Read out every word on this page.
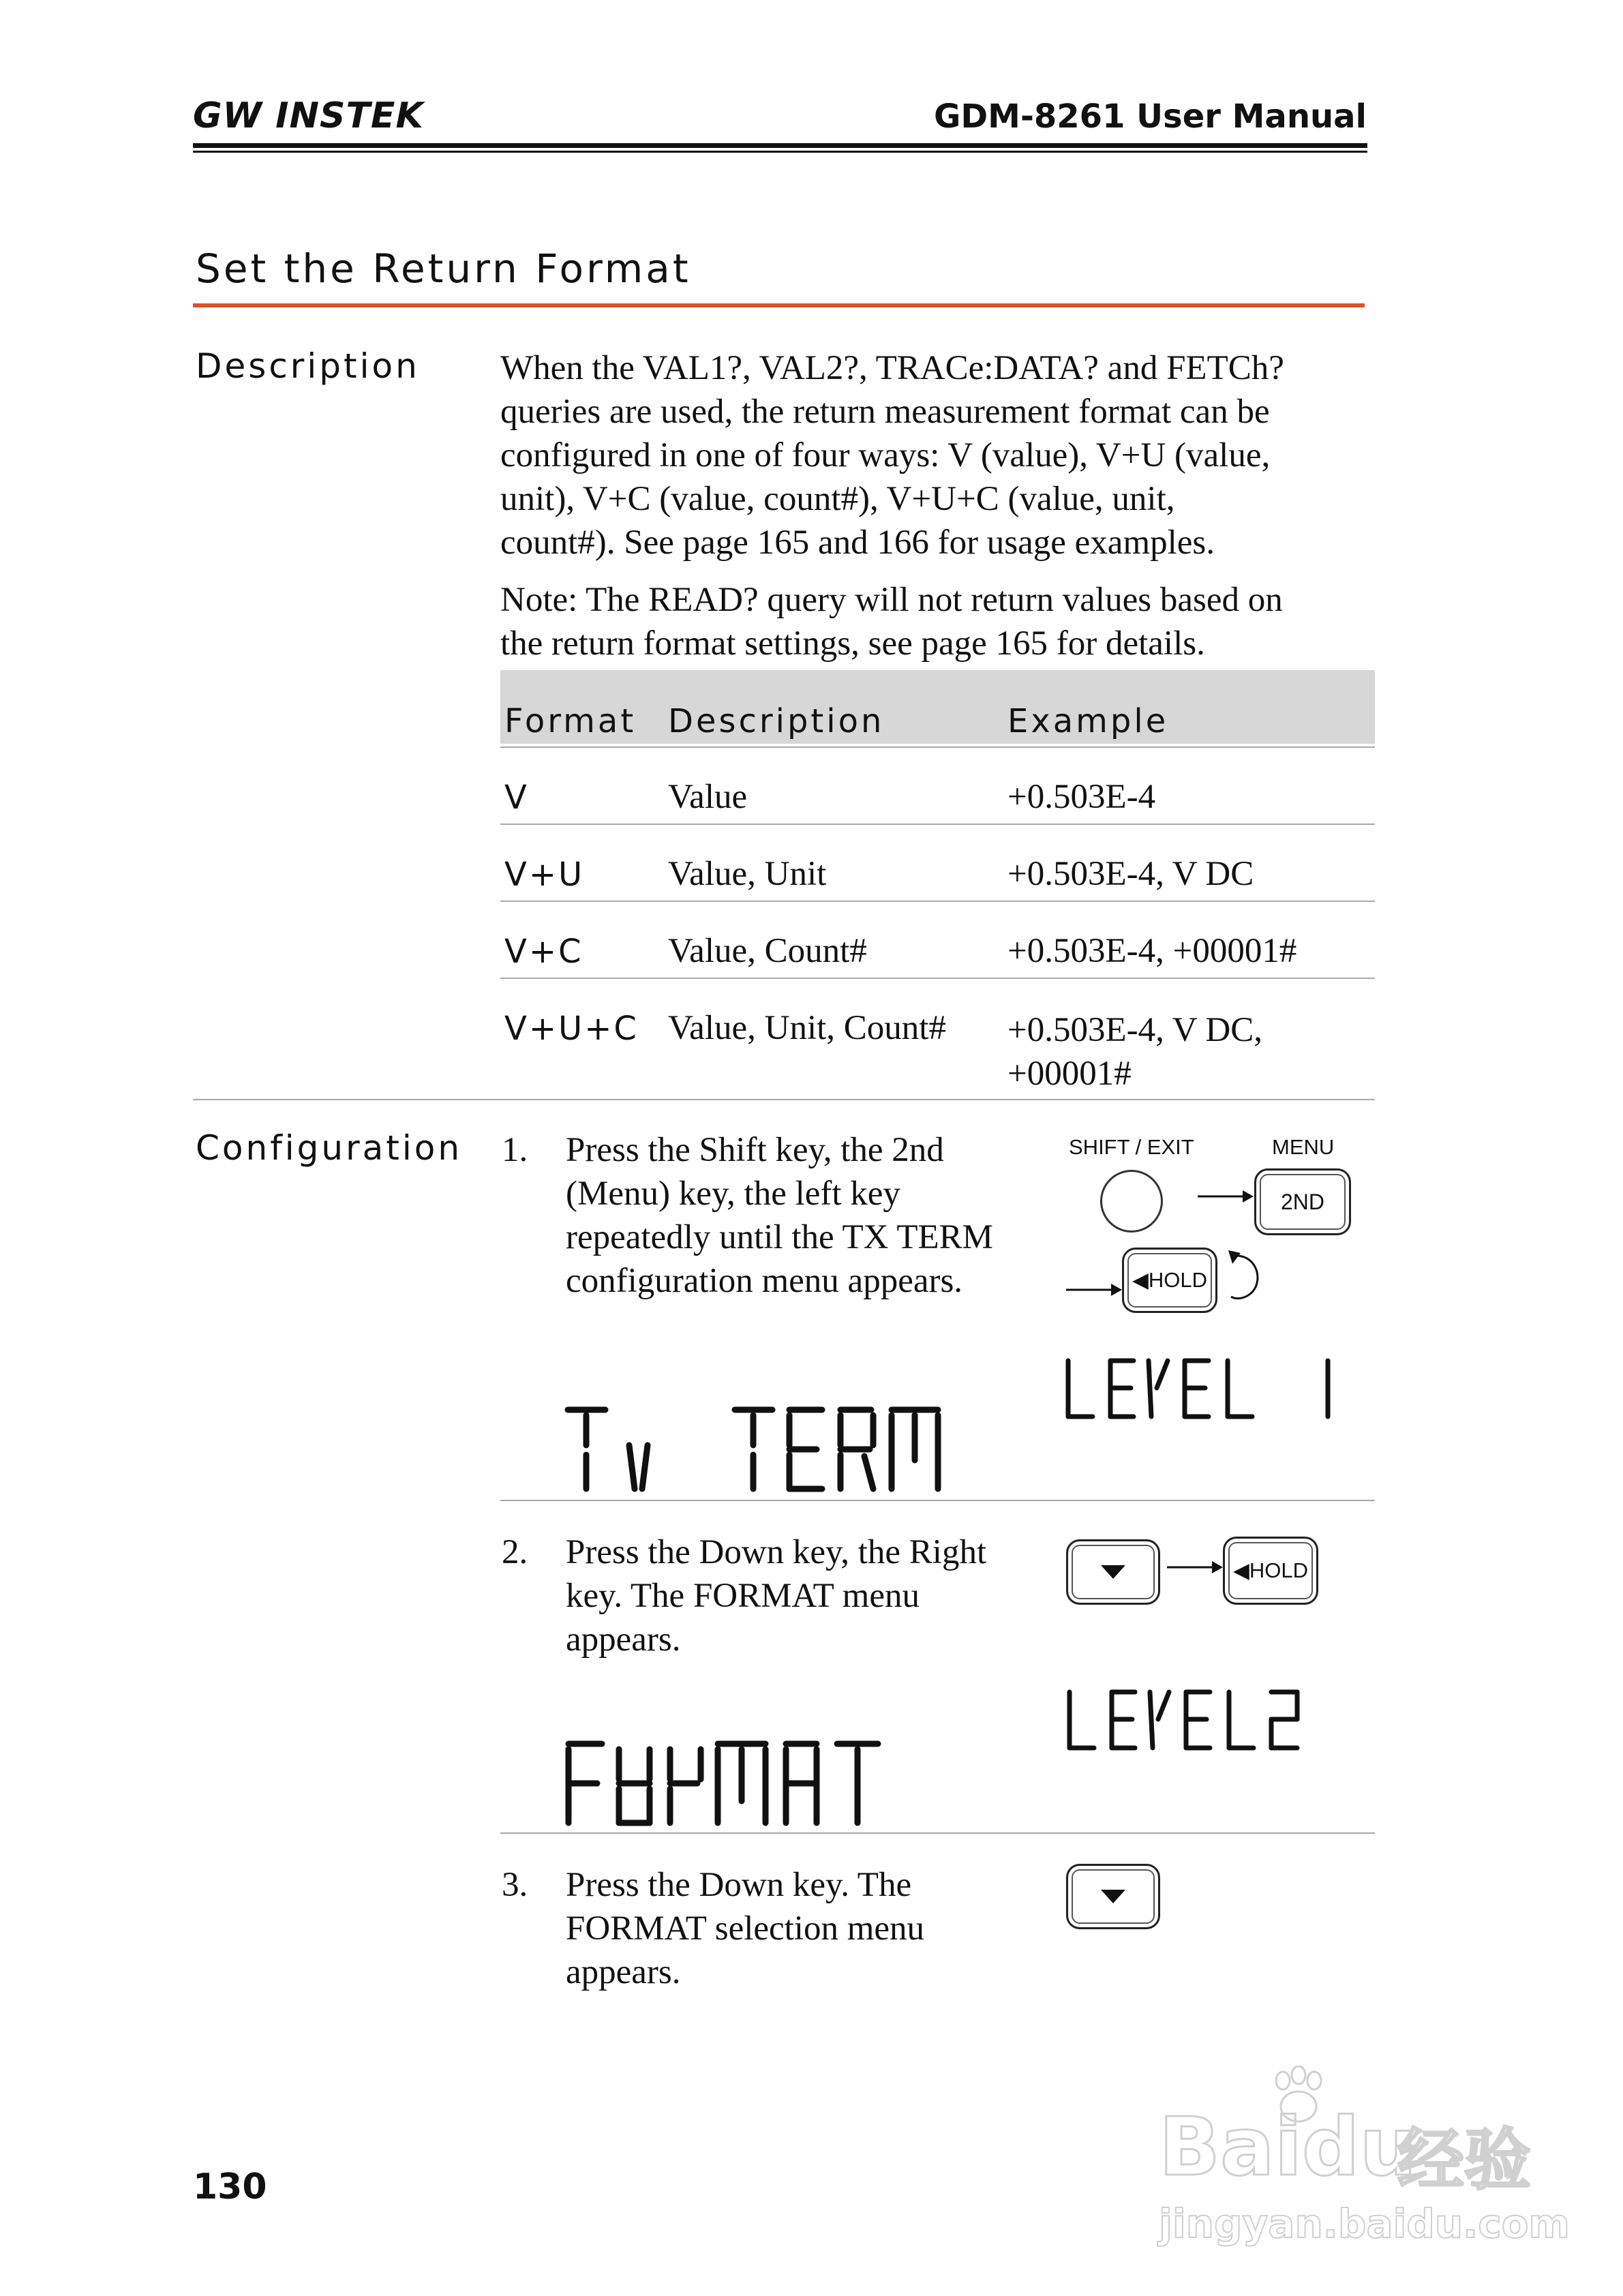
GW INSTEK	GDM-8261 User Manual
Set the Return Format
Description When the VAL1?, VAL2?, TRACe:DATA? and FETCh?
queries are used, the return measurement format can be
configured in one of four ways: V (value), V+U (value,
unit), V+C (value, count#), V+U+C (value, unit,
count#). See page 165 and 166 for usage examples.
Note: The READ? query will not return values based on
the return format settings, see page 165 for details.
Format Description	Example
V	Value	+0.503E-4
V+U Value, Unit	+0.503E-4, V DC
V+C Value, Count#	+0.503E-4, +00001#
V+U+C Value, Unit, Count# +0.503E-4, V DC,
+00001#
Configuration 1. Press the Shift key, the 2nd
(Menu) key, the left key
repeatedly until the TX TERM
configuration menu appears.
SHIFT / EXIT	MENU
2ND
◀HOLD
2. Press the Down key, the Right
key. The FORMAT menu
appears.
◀HOLD
3. Press the Down key. The
FORMAT selection menu
appears.
130	Baidu
经验
jingyan.baidu.com
